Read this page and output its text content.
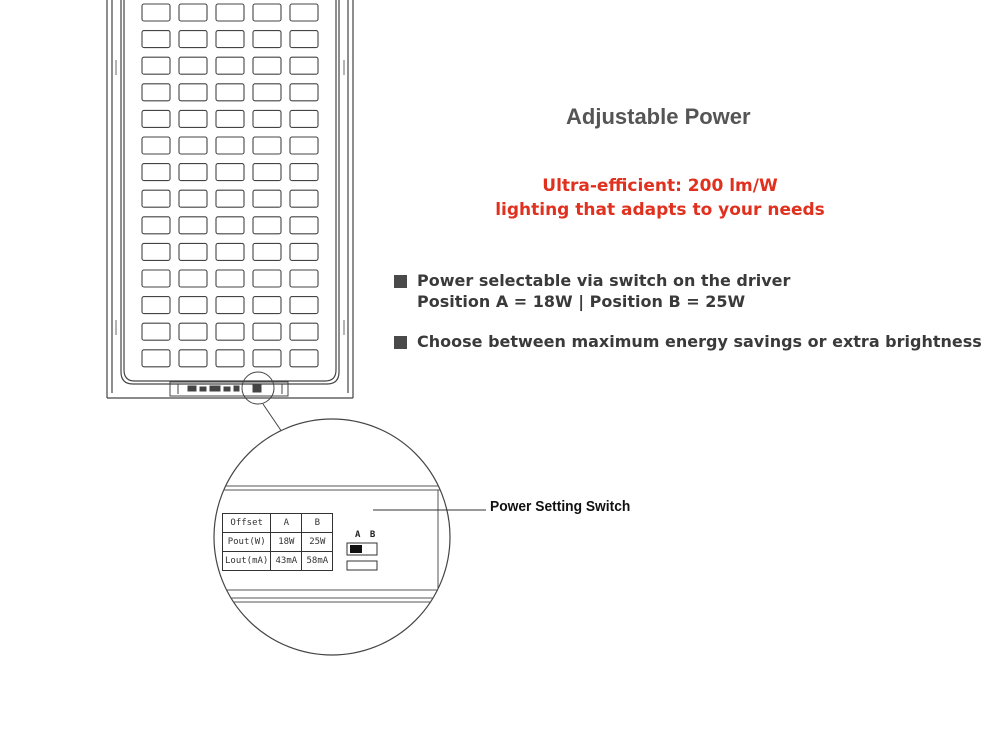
Adjustable Power
Ultra-efficient: 200 lm/W
lighting that adapts to your needs
Power selectable via switch on the driver
Position A = 18W | Position B = 25W
Choose between maximum energy savings or extra brightness
Power Setting Switch
Offset	A	B
Pout(W)	18W	25W
Lout(mA)	43mA	58mA
A B
